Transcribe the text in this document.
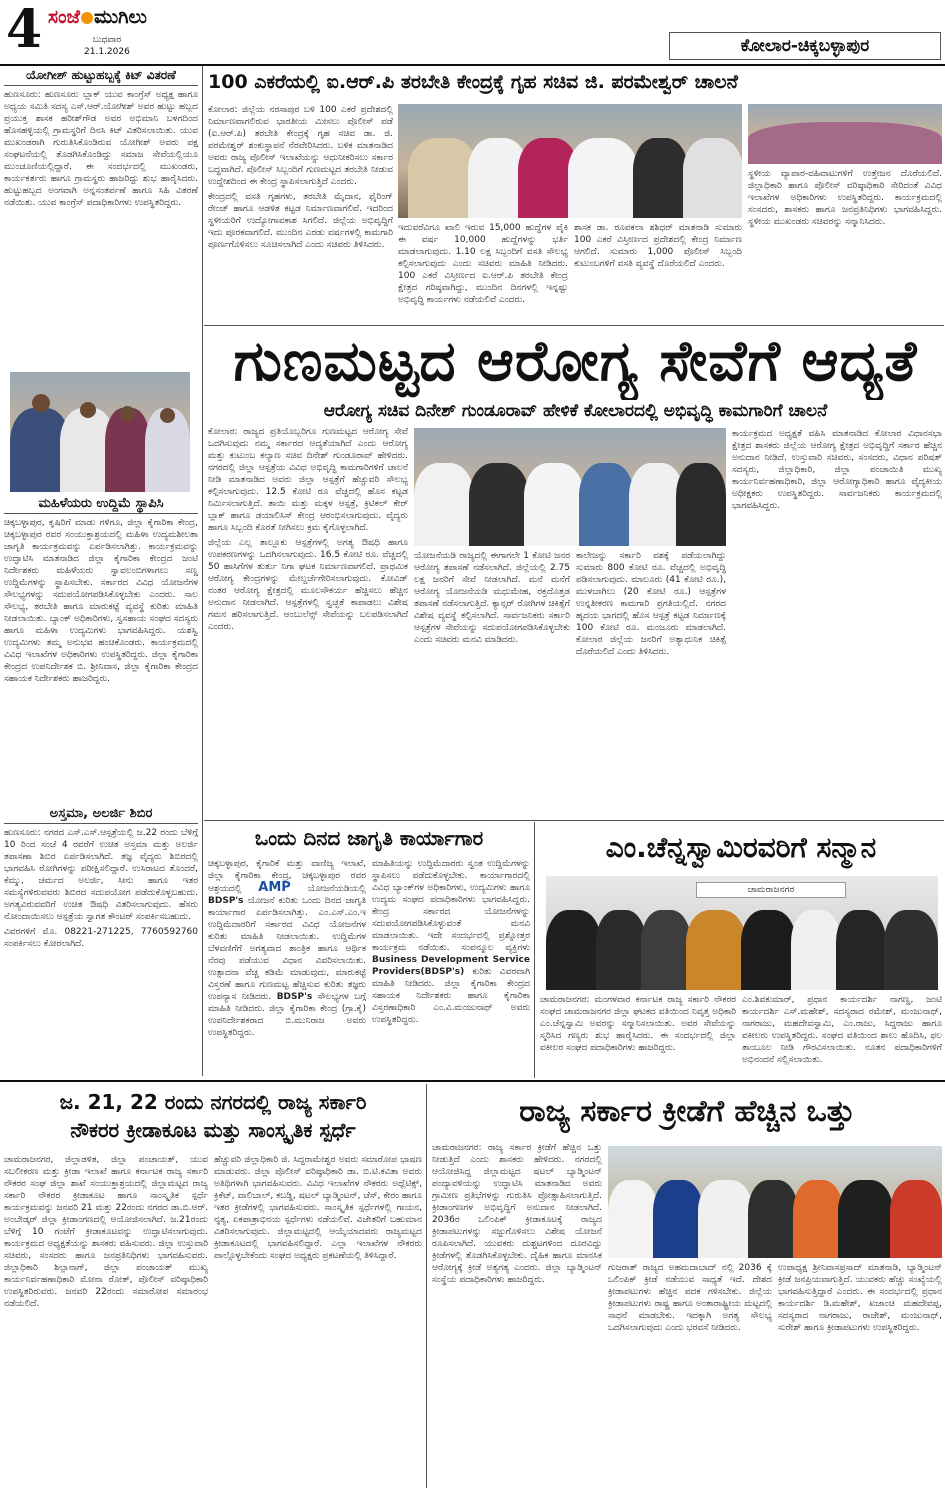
4 ಸಂಜೆ ಮುಗಿಲು
ಬುಧವಾರ
21.1.2026	ಕೋಲಾರ-ಚಿಕ್ಕಬಳ್ಳಾಪುರ
ಯೋಗೀಶ್ ಹುಟ್ಟುಹಬ್ಬಕ್ಕೆ ಕಿಟ್ ವಿತರಣೆ
ಹುಣಸೂರು: ಹುಣಸೂರು ಬ್ಲಾಕ್ ಯುವ ಕಾಂಗ್ರೆಸ್ ಅಧ್ಯಕ್ಷ ಹಾಗೂ ಅಧ್ಯಯ ಸಮಿತಿ ಸದಸ್ಯ ಎಸ್.ಆರ್.ಯೋಗೀಶ್ ಅವರ ಹುಟ್ಟು ಹಬ್ಬದ ಪ್ರಯುಕ್ತ ಶಾಸಕ ಹರೀಶ್‌ಗೌಡ ಅವರ ಅಭಿಮಾನಿ ಬಳಗದಿಂದ ಹೊಸಹಳ್ಳಿಯಲ್ಲಿ ಗ್ರಾಮಸ್ಥರಿಗೆ ದಿನಸಿ ಕಿಟ್ ವಿತರಿಸಲಾಯಿತು. ಯುವ ಮುಖಂಡರಾಗಿ ಗುರುತಿಸಿಕೊಂಡಿರುವ ಯೋಗೀಶ್ ಅವರು ಪಕ್ಷ ಸಂಘಟನೆಯಲ್ಲಿ ತೊಡಗಿಸಿಕೊಂಡಿದ್ದು ಸಮಾಜ ಸೇವೆಯಲ್ಲಿಯೂ ಮುಂಚೂಣಿಯಲ್ಲಿದ್ದಾರೆ. ಈ ಸಂದರ್ಭದಲ್ಲಿ ಮುಖಂಡರು, ಕಾರ್ಯಕರ್ತರು ಹಾಗೂ ಗ್ರಾಮಸ್ಥರು ಹಾಜರಿದ್ದು ಶುಭ ಹಾರೈಸಿದರು. ಹುಟ್ಟುಹಬ್ಬದ ಅಂಗವಾಗಿ ಅನ್ನಸಂತರ್ಪಣೆ ಹಾಗೂ ಸಿಹಿ ವಿತರಣೆ ನಡೆಯಿತು. ಯುವ ಕಾಂಗ್ರೆಸ್ ಪದಾಧಿಕಾರಿಗಳು ಉಪಸ್ಥಿತರಿದ್ದರು.
ಮಹಿಳೆಯರು ಉದ್ದಿಮೆ ಸ್ಥಾಪಿಸಿ
ಚಿಕ್ಕಬಳ್ಳಾಪುರ, ಕೃಷಿರಿಗೆ ಮಾಡು ಗಳಿಗೂ, ಜಿಲ್ಲಾ ಕೈಗಾರಿಕಾ ಕೇಂದ್ರ, ಚಿಕ್ಕಬಳ್ಳಾಪುರ ರವರ ಸಂಯುಕ್ತಾಶ್ರಯದಲ್ಲಿ ಮಹಿಳಾ ಉದ್ಯಮಶೀಲತಾ ಜಾಗೃತಿ ಕಾರ್ಯಕ್ರಮವನ್ನು ಏರ್ಪಡಿಸಲಾಗಿತ್ತು. ಕಾರ್ಯಕ್ರಮವನ್ನು ಉದ್ಘಾಟಿಸಿ ಮಾತನಾಡಿದ ಜಿಲ್ಲಾ ಕೈಗಾರಿಕಾ ಕೇಂದ್ರದ ಜಂಟಿ ನಿರ್ದೇಶಕರು ಮಹಿಳೆಯರು ಸ್ವಾವಲಂಬಿಗಳಾಗಲು ಸಣ್ಣ ಉದ್ದಿಮೆಗಳನ್ನು ಸ್ಥಾಪಿಸಬೇಕು. ಸರ್ಕಾರದ ವಿವಿಧ ಯೋಜನೆಗಳ ಸೌಲಭ್ಯಗಳನ್ನು ಸದುಪಯೋಗಪಡಿಸಿಕೊಳ್ಳಬೇಕು ಎಂದರು. ಸಾಲ ಸೌಲಭ್ಯ, ತರಬೇತಿ ಹಾಗೂ ಮಾರುಕಟ್ಟೆ ವ್ಯವಸ್ಥೆ ಕುರಿತು ಮಾಹಿತಿ ನೀಡಲಾಯಿತು. ಬ್ಯಾಂಕ್ ಅಧಿಕಾರಿಗಳು, ಸ್ವಸಹಾಯ ಸಂಘದ ಸದಸ್ಯರು ಹಾಗೂ ಮಹಿಳಾ ಉದ್ಯಮಿಗಳು ಭಾಗವಹಿಸಿದ್ದರು. ಯಶಸ್ವಿ ಉದ್ಯಮಿಗಳು ತಮ್ಮ ಅನುಭವ ಹಂಚಿಕೊಂಡರು. ಕಾರ್ಯಕ್ರಮದಲ್ಲಿ ವಿವಿಧ ಇಲಾಖೆಗಳ ಅಧಿಕಾರಿಗಳು ಉಪಸ್ಥಿತರಿದ್ದರು. ಜಿಲ್ಲಾ ಕೈಗಾರಿಕಾ ಕೇಂದ್ರದ ಉಪನಿರ್ದೇಶಕ ಬಿ. ಶ್ರೀನಿವಾಸ, ಜಿಲ್ಲಾ ಕೈಗಾರಿಕಾ ಕೇಂದ್ರದ ಸಹಾಯಕ ನಿರ್ದೇಶಕರು ಹಾಜರಿದ್ದರು.
ಅಸ್ತಮಾ, ಅಲರ್ಜಿ ಶಿಬಿರ
ಹುಣಸೂರು: ನಗರದ ಎಸ್.ಎಸ್.ಆಸ್ಪತ್ರೆಯಲ್ಲಿ ಜ.22 ರಂದು ಬೆಳಿಗ್ಗೆ 10 ರಿಂದ ಸಂಜೆ 4 ರವರೆಗೆ ಉಚಿತ ಅಸ್ತಮಾ ಮತ್ತು ಅಲರ್ಜಿ ತಪಾಸಣಾ ಶಿಬಿರ ಏರ್ಪಡಿಸಲಾಗಿದೆ. ತಜ್ಞ ವೈದ್ಯರು ಶಿಬಿರದಲ್ಲಿ ಭಾಗವಹಿಸಿ ರೋಗಿಗಳನ್ನು ಪರೀಕ್ಷಿಸಲಿದ್ದಾರೆ. ಉಸಿರಾಟದ ತೊಂದರೆ, ಕೆಮ್ಮು, ಚರ್ಮದ ಅಲರ್ಜಿ, ಸೀನು ಹಾಗೂ ಇತರ ಸಮಸ್ಯೆಗಳಿರುವವರು ಶಿಬಿರದ ಸದುಪಯೋಗ ಪಡೆದುಕೊಳ್ಳಬಹುದು. ಅಗತ್ಯವಿರುವವರಿಗೆ ಉಚಿತ ಔಷಧಿ ವಿತರಿಸಲಾಗುವುದು. ಹೆಸರು ನೋಂದಾಯಿಸಲು ಆಸ್ಪತ್ರೆಯ ಸ್ವಾಗತ ಕೌಂಟರ್ ಸಂಪರ್ಕಿಸಬಹುದು.
ವಿವರಗಳಿಗೆ ಮೊ. 08221-271225, 7760592760 ಸಂಪರ್ಕಿಸಲು ಕೋರಲಾಗಿದೆ.
100 ಎಕರೆಯಲ್ಲಿ ಐ.ಆರ್.ಪಿ ತರಬೇತಿ ಕೇಂದ್ರಕ್ಕೆ ಗೃಹ ಸಚಿವ ಜಿ. ಪರಮೇಶ್ವರ್ ಚಾಲನೆ
ಕೋಲಾರ: ಜಿಲ್ಲೆಯ ನರಸಾಪುರ ಬಳಿ 100 ಎಕರೆ ಪ್ರದೇಶದಲ್ಲಿ ನಿರ್ಮಾಣವಾಗಲಿರುವ ಭಾರತೀಯ ಮೀಸಲು ಪೊಲೀಸ್ ಪಡೆ (ಐ.ಆರ್.ಪಿ) ತರಬೇತಿ ಕೇಂದ್ರಕ್ಕೆ ಗೃಹ ಸಚಿವ ಡಾ. ಜಿ. ಪರಮೇಶ್ವರ್ ಶಂಕುಸ್ಥಾಪನೆ ನೆರವೇರಿಸಿದರು. ಬಳಿಕ ಮಾತನಾಡಿದ ಅವರು ರಾಜ್ಯ ಪೊಲೀಸ್ ಇಲಾಖೆಯನ್ನು ಆಧುನೀಕರಿಸಲು ಸರ್ಕಾರ ಬದ್ಧವಾಗಿದೆ. ಪೊಲೀಸ್ ಸಿಬ್ಬಂದಿಗೆ ಗುಣಮಟ್ಟದ ತರಬೇತಿ ನೀಡುವ ಉದ್ದೇಶದಿಂದ ಈ ಕೇಂದ್ರ ಸ್ಥಾಪಿಸಲಾಗುತ್ತಿದೆ ಎಂದರು.
ಕೇಂದ್ರದಲ್ಲಿ ವಸತಿ ಗೃಹಗಳು, ತರಬೇತಿ ಮೈದಾನ, ಫೈರಿಂಗ್ ರೇಂಜ್ ಹಾಗೂ ಆಡಳಿತ ಕಟ್ಟಡ ನಿರ್ಮಾಣವಾಗಲಿವೆ. ಇದರಿಂದ ಸ್ಥಳೀಯರಿಗೆ ಉದ್ಯೋಗಾವಕಾಶ ಸಿಗಲಿದೆ. ಜಿಲ್ಲೆಯ ಅಭಿವೃದ್ಧಿಗೆ ಇದು ಪೂರಕವಾಗಲಿದೆ. ಮುಂದಿನ ಎರಡು ವರ್ಷಗಳಲ್ಲಿ ಕಾಮಗಾರಿ ಪೂರ್ಣಗೊಳಿಸಲು ಸೂಚಿಸಲಾಗಿದೆ ಎಂದು ಸಚಿವರು ತಿಳಿಸಿದರು.
ಇದುವರೆವಿಗೂ ಖಾಲಿ ಇರುವ 15,000 ಹುದ್ದೆಗಳ ಪೈಕಿ ಈ ವರ್ಷ 10,000 ಹುದ್ದೆಗಳನ್ನು ಭರ್ತಿ ಮಾಡಲಾಗುವುದು. 1.10 ಲಕ್ಷ ಸಿಬ್ಬಂದಿಗೆ ವಸತಿ ಸೌಲಭ್ಯ ಕಲ್ಪಿಸಲಾಗುವುದು ಎಂದು ಸಚಿವರು ಮಾಹಿತಿ ನೀಡಿದರು. 100 ಎಕರೆ ವಿಸ್ತೀರ್ಣದ ಐ.ಆರ್.ಪಿ ತರಬೇತಿ ಕೇಂದ್ರ ಕ್ಷೇತ್ರದ ಗರಿಷ್ಠವಾಗಿದ್ದು, ಮುಂದಿನ ದಿನಗಳಲ್ಲಿ ಇನ್ನಷ್ಟು ಅಭಿವೃದ್ಧಿ ಕಾರ್ಯಗಳು ನಡೆಯಲಿವೆ ಎಂದರು.
ಶಾಸಕ ಡಾ. ರೂಪಕಲಾ ಶಶಿಧರ್ ಮಾತನಾಡಿ ಸುಮಾರು 100 ಎಕರೆ ವಿಸ್ತೀರ್ಣದ ಪ್ರದೇಶದಲ್ಲಿ ಕೇಂದ್ರ ನಿರ್ಮಾಣ ಆಗಲಿದೆ. ಸುಮಾರು 1,000 ಪೊಲೀಸ್ ಸಿಬ್ಬಂದಿ ಕುಟುಂಬಗಳಿಗೆ ವಸತಿ ವ್ಯವಸ್ಥೆ ದೊರೆಯಲಿದೆ ಎಂದರು.
ಸ್ಥಳೀಯ ವ್ಯಾಪಾರ-ವಹಿವಾಟುಗಳಿಗೆ ಉತ್ತೇಜನ ದೊರೆಯಲಿದೆ. ಜಿಲ್ಲಾಧಿಕಾರಿ ಹಾಗೂ ಪೊಲೀಸ್ ವರಿಷ್ಠಾಧಿಕಾರಿ ಸೇರಿದಂತೆ ವಿವಿಧ ಇಲಾಖೆಗಳ ಅಧಿಕಾರಿಗಳು ಉಪಸ್ಥಿತರಿದ್ದರು. ಕಾರ್ಯಕ್ರಮದಲ್ಲಿ ಸಂಸದರು, ಶಾಸಕರು ಹಾಗೂ ಜನಪ್ರತಿನಿಧಿಗಳು ಭಾಗವಹಿಸಿದ್ದರು. ಸ್ಥಳೀಯ ಮುಖಂಡರು ಸಚಿವರನ್ನು ಸನ್ಮಾನಿಸಿದರು.
ಗುಣಮಟ್ಟದ ಆರೋಗ್ಯ ಸೇವೆಗೆ ಆದ್ಯತೆ
ಆರೋಗ್ಯ ಸಚಿವ ದಿನೇಶ್ ಗುಂಡೂರಾವ್ ಹೇಳಿಕೆ ಕೋಲಾರದಲ್ಲಿ ಅಭಿವೃದ್ಧಿ ಕಾಮಗಾರಿಗೆ ಚಾಲನೆ
ಕೋಲಾರ: ರಾಜ್ಯದ ಪ್ರತಿಯೊಬ್ಬರಿಗೂ ಗುಣಮಟ್ಟದ ಆರೋಗ್ಯ ಸೇವೆ ಒದಗಿಸುವುದು ನಮ್ಮ ಸರ್ಕಾರದ ಆದ್ಯತೆಯಾಗಿದೆ ಎಂದು ಆರೋಗ್ಯ ಮತ್ತು ಕುಟುಂಬ ಕಲ್ಯಾಣ ಸಚಿವ ದಿನೇಶ್ ಗುಂಡೂರಾವ್ ಹೇಳಿದರು. ನಗರದಲ್ಲಿ ಜಿಲ್ಲಾ ಆಸ್ಪತ್ರೆಯ ವಿವಿಧ ಅಭಿವೃದ್ಧಿ ಕಾಮಗಾರಿಗಳಿಗೆ ಚಾಲನೆ ನೀಡಿ ಮಾತನಾಡಿದ ಅವರು ಜಿಲ್ಲಾ ಆಸ್ಪತ್ರೆಗೆ ಹೆಚ್ಚುವರಿ ಸೌಲಭ್ಯ ಕಲ್ಪಿಸಲಾಗುವುದು. 12.5 ಕೋಟಿ ರೂ ವೆಚ್ಚದಲ್ಲಿ ಹೊಸ ಕಟ್ಟಡ ನಿರ್ಮಿಸಲಾಗುತ್ತಿದೆ. ತಾಯಿ ಮತ್ತು ಮಕ್ಕಳ ಆಸ್ಪತ್ರೆ, ಕ್ರಿಟಿಕಲ್ ಕೇರ್ ಬ್ಲಾಕ್ ಹಾಗೂ ಡಯಾಲಿಸಿಸ್ ಕೇಂದ್ರ ಆರಂಭಿಸಲಾಗುವುದು. ವೈದ್ಯರು ಹಾಗೂ ಸಿಬ್ಬಂದಿ ಕೊರತೆ ನೀಗಿಸಲು ಕ್ರಮ ಕೈಗೊಳ್ಳಲಾಗಿದೆ.
ಜಿಲ್ಲೆಯ ಎಲ್ಲ ತಾಲ್ಲೂಕು ಆಸ್ಪತ್ರೆಗಳಲ್ಲಿ ಅಗತ್ಯ ಔಷಧಿ ಹಾಗೂ ಉಪಕರಣಗಳನ್ನು ಒದಗಿಸಲಾಗುವುದು. 16.5 ಕೋಟಿ ರೂ. ವೆಚ್ಚದಲ್ಲಿ 50 ಹಾಸಿಗೆಗಳ ತುರ್ತು ನಿಗಾ ಘಟಕ ನಿರ್ಮಾಣವಾಗಲಿದೆ. ಪ್ರಾಥಮಿಕ ಆರೋಗ್ಯ ಕೇಂದ್ರಗಳನ್ನು ಮೇಲ್ದರ್ಜೆಗೇರಿಸಲಾಗುವುದು. ಕೋವಿಡ್ ನಂತರ ಆರೋಗ್ಯ ಕ್ಷೇತ್ರದಲ್ಲಿ ಮೂಲಸೌಕರ್ಯ ಹೆಚ್ಚಿಸಲು ಹೆಚ್ಚಿನ ಅನುದಾನ ನೀಡಲಾಗಿದೆ. ಆಸ್ಪತ್ರೆಗಳಲ್ಲಿ ಸ್ವಚ್ಛತೆ ಕಾಪಾಡಲು ವಿಶೇಷ ಗಮನ ಹರಿಸಲಾಗುತ್ತಿದೆ. ಆಂಬುಲೆನ್ಸ್ ಸೇವೆಯನ್ನು ಬಲಪಡಿಸಲಾಗಿದೆ ಎಂದರು.
ಯೋಜನೆಯಡಿ ರಾಜ್ಯದಲ್ಲಿ ಈಗಾಗಲೇ 1 ಕೋಟಿ ಜನರ ಆರೋಗ್ಯ ತಪಾಸಣೆ ನಡೆಸಲಾಗಿದೆ. ಜಿಲ್ಲೆಯಲ್ಲಿ 2.75 ಲಕ್ಷ ಜನರಿಗೆ ಸೇವೆ ನೀಡಲಾಗಿದೆ. ಮನೆ ಮನೆಗೆ ಆರೋಗ್ಯ ಯೋಜನೆಯಡಿ ಮಧುಮೇಹ, ರಕ್ತದೊತ್ತಡ ತಪಾಸಣೆ ನಡೆಸಲಾಗುತ್ತಿದೆ. ಕ್ಯಾನ್ಸರ್ ರೋಗಿಗಳ ಚಿಕಿತ್ಸೆಗೆ ವಿಶೇಷ ವ್ಯವಸ್ಥೆ ಕಲ್ಪಿಸಲಾಗಿದೆ. ಸಾರ್ವಜನಿಕರು ಸರ್ಕಾರಿ ಆಸ್ಪತ್ರೆಗಳ ಸೇವೆಯನ್ನು ಸದುಪಯೋಗಪಡಿಸಿಕೊಳ್ಳಬೇಕು ಎಂದು ಸಚಿವರು ಮನವಿ ಮಾಡಿದರು.
ಕಾಲೇಜನ್ನು ಸರ್ಕಾರಿ ವಶಕ್ಕೆ ಪಡೆಯಲಾಗಿದ್ದು ಸುಮಾರು 800 ಕೋಟಿ ರೂ. ವೆಚ್ಚದಲ್ಲಿ ಅಭಿವೃದ್ಧಿ ಪಡಿಸಲಾಗುವುದು. ಮಾಲೂರು (41 ಕೋಟಿ ರೂ.), ಮುಳಬಾಗಿಲು (20 ಕೋಟಿ ರೂ.) ಆಸ್ಪತ್ರೆಗಳ ಉನ್ನತೀಕರಣ ಕಾಮಗಾರಿ ಪ್ರಗತಿಯಲ್ಲಿದೆ. ನಗರದ ಹೃದಯ ಭಾಗದಲ್ಲಿ ಹೊಸ ಆಸ್ಪತ್ರೆ ಕಟ್ಟಡ ನಿರ್ಮಾಣಕ್ಕೆ 100 ಕೋಟಿ ರೂ. ಮಂಜೂರು ಮಾಡಲಾಗಿದೆ. ಕೋಲಾರ ಜಿಲ್ಲೆಯ ಜನರಿಗೆ ಅತ್ಯಾಧುನಿಕ ಚಿಕಿತ್ಸೆ ದೊರೆಯಲಿದೆ ಎಂದು ತಿಳಿಸಿದರು.
ಕಾರ್ಯಕ್ರಮದ ಅಧ್ಯಕ್ಷತೆ ವಹಿಸಿ ಮಾತನಾಡಿದ ಕೋಲಾರ ವಿಧಾನಸಭಾ ಕ್ಷೇತ್ರದ ಶಾಸಕರು ಜಿಲ್ಲೆಯ ಆರೋಗ್ಯ ಕ್ಷೇತ್ರದ ಅಭಿವೃದ್ಧಿಗೆ ಸರ್ಕಾರ ಹೆಚ್ಚಿನ ಅನುದಾನ ನೀಡಿದೆ. ಉಸ್ತುವಾರಿ ಸಚಿವರು, ಸಂಸದರು, ವಿಧಾನ ಪರಿಷತ್ ಸದಸ್ಯರು, ಜಿಲ್ಲಾಧಿಕಾರಿ, ಜಿಲ್ಲಾ ಪಂಚಾಯಿತಿ ಮುಖ್ಯ ಕಾರ್ಯನಿರ್ವಹಣಾಧಿಕಾರಿ, ಜಿಲ್ಲಾ ಆರೋಗ್ಯಾಧಿಕಾರಿ ಹಾಗೂ ವೈದ್ಯಕೀಯ ಅಧೀಕ್ಷಕರು ಉಪಸ್ಥಿತರಿದ್ದರು. ಸಾರ್ವಜನಿಕರು ಕಾರ್ಯಕ್ರಮದಲ್ಲಿ ಭಾಗವಹಿಸಿದ್ದರು.
ಒಂದು ದಿನದ ಜಾಗೃತಿ ಕಾರ್ಯಾಗಾರ
ಚಿಕ್ಕಬಳ್ಳಾಪುರ, ಕೈಗಾರಿಕೆ ಮತ್ತು ವಾಣಿಜ್ಯ ಇಲಾಖೆ, ಜಿಲ್ಲಾ ಕೈಗಾರಿಕಾ ಕೇಂದ್ರ, ಚಿಕ್ಕಬಳ್ಳಾಪುರ ರವರ ಆಶ್ರಯದಲ್ಲಿ AMP ಯೋಜನೆಯಡಿಯಲ್ಲಿ BDSP's ಯೋಜನೆ ಕುರಿತು ಒಂದು ದಿನದ ಜಾಗೃತಿ ಕಾರ್ಯಾಗಾರ ಏರ್ಪಡಿಸಲಾಗಿತ್ತು. ಎಂ.ಎಸ್.ಎಂ.ಇ ಉದ್ದಿಮೆದಾರರಿಗೆ ಸರ್ಕಾರದ ವಿವಿಧ ಯೋಜನೆಗಳ ಕುರಿತು ಮಾಹಿತಿ ನೀಡಲಾಯಿತು. ಉದ್ದಿಮೆಗಳ ಬೆಳವಣಿಗೆಗೆ ಅಗತ್ಯವಾದ ತಾಂತ್ರಿಕ ಹಾಗೂ ಆರ್ಥಿಕ ನೆರವು ಪಡೆಯುವ ವಿಧಾನ ವಿವರಿಸಲಾಯಿತು. ಉತ್ಪಾದನಾ ವೆಚ್ಚ ಕಡಿಮೆ ಮಾಡುವುದು, ಮಾರುಕಟ್ಟೆ ವಿಸ್ತರಣೆ ಹಾಗೂ ಗುಣಮಟ್ಟ ಹೆಚ್ಚಿಸುವ ಕುರಿತು ತಜ್ಞರು ಉಪನ್ಯಾಸ ನೀಡಿದರು. BDSP's ಸೌಲಭ್ಯಗಳ ಬಗ್ಗೆ ಮಾಹಿತಿ ನೀಡಿದರು. ಜಿಲ್ಲಾ ಕೈಗಾರಿಕಾ ಕೇಂದ್ರ (ಗ್ರಾ.ಕೈ) ಉಪನಿರ್ದೇಶಕರಾದ ಬಿ.ಮುನಿರಾಜ ಅವರು ಉಪಸ್ಥಿತರಿದ್ದರು.
ಮಾಹಿತಿಯನ್ನು ಉದ್ದಿಮೆದಾರರು ಸ್ವಂತ ಉದ್ದಿಮೆಗಳನ್ನು ಸ್ಥಾಪಿಸಲು ಪಡೆದುಕೊಳ್ಳಬೇಕು. ಕಾರ್ಯಾಗಾರದಲ್ಲಿ ವಿವಿಧ ಬ್ಯಾಂಕ್‌ಗಳ ಅಧಿಕಾರಿಗಳು, ಉದ್ಯಮಿಗಳು ಹಾಗೂ ಉದ್ಯಮ ಸಂಘದ ಪದಾಧಿಕಾರಿಗಳು ಭಾಗವಹಿಸಿದ್ದರು. ಕೇಂದ್ರ ಸರ್ಕಾರದ ಯೋಜನೆಗಳನ್ನು ಸದುಪಯೋಗಪಡಿಸಿಕೊಳ್ಳುವಂತೆ ಮನವಿ ಮಾಡಲಾಯಿತು. ಇದೇ ಸಂದರ್ಭದಲ್ಲಿ ಪ್ರಶ್ನೋತ್ತರ ಕಾರ್ಯಕ್ರಮ ನಡೆಯಿತು. ಸಂಪನ್ಮೂಲ ವ್ಯಕ್ತಿಗಳು Business Development Service Providers(BDSP's) ಕುರಿತು ವಿವರವಾಗಿ ಮಾಹಿತಿ ನೀಡಿದರು. ಜಿಲ್ಲಾ ಕೈಗಾರಿಕಾ ಕೇಂದ್ರದ ಸಹಾಯಕ ನಿರ್ದೇಶಕರು ಹಾಗೂ ಕೈಗಾರಿಕಾ ವಿಸ್ತರಣಾಧಿಕಾರಿ ಎಂ.ವಿ.ಮಂಜುನಾಥ್ ಅವರು ಉಪಸ್ಥಿತರಿದ್ದರು.
ಎಂ.ಚೆನ್ನಸ್ವಾಮಿರವರಿಗೆ ಸನ್ಮಾನ
ಚಾಮರಾಜನಗರ
ಚಾಮರಾಜನಗರ: ಮಂಗಳವಾರ ಕರ್ನಾಟಕ ರಾಜ್ಯ ಸರ್ಕಾರಿ ನೌಕರರ ಸಂಘದ ಚಾಮರಾಜನಗರ ಜಿಲ್ಲಾ ಘಟಕದ ವತಿಯಿಂದ ನಿವೃತ್ತ ಅಧಿಕಾರಿ ಎಂ.ಚೆನ್ನಸ್ವಾಮಿ ಅವರನ್ನು ಸನ್ಮಾನಿಸಲಾಯಿತು. ಅವರ ಸೇವೆಯನ್ನು ಸ್ಮರಿಸಿದ ಗಣ್ಯರು ಶುಭ ಹಾರೈಸಿದರು. ಈ ಸಂದರ್ಭದಲ್ಲಿ ಜಿಲ್ಲಾ ವಕೀಲರ ಸಂಘದ ಪದಾಧಿಕಾರಿಗಳು ಹಾಜರಿದ್ದರು.
ಎಂ.ಶಿವಕುಮಾರ್, ಪ್ರಧಾನ ಕಾರ್ಯದರ್ಶಿ ನಾಗಣ್ಣ, ಜಂಟಿ ಕಾರ್ಯದರ್ಶಿ ಎಸ್.ಮಹೇಶ್, ಸದಸ್ಯರಾದ ರಮೇಶ್, ಮಂಜುನಾಥ್, ನಾಗರಾಜು, ಮಹದೇವಸ್ವಾಮಿ, ಎಂ.ರಾಜು, ಸಿದ್ದರಾಜು ಹಾಗೂ ವಕೀಲರು ಉಪಸ್ಥಿತರಿದ್ದರು. ಸಂಘದ ವತಿಯಿಂದ ಶಾಲು ಹೊದಿಸಿ, ಫಲ ತಾಂಬೂಲ ನೀಡಿ ಗೌರವಿಸಲಾಯಿತು. ನೂತನ ಪದಾಧಿಕಾರಿಗಳಿಗೆ ಅಭಿನಂದನೆ ಸಲ್ಲಿಸಲಾಯಿತು.
ಜ. 21, 22 ರಂದು ನಗರದಲ್ಲಿ ರಾಜ್ಯ ಸರ್ಕಾರಿ
ನೌಕರರ ಕ್ರೀಡಾಕೂಟ ಮತ್ತು ಸಾಂಸ್ಕೃತಿಕ ಸ್ಪರ್ಧೆ
ಚಾಮರಾಜನಗರ, ಜಿಲ್ಲಾಡಳಿತ, ಜಿಲ್ಲಾ ಪಂಚಾಯತ್, ಯುವ ಸಬಲೀಕರಣ ಮತ್ತು ಕ್ರೀಡಾ ಇಲಾಖೆ ಹಾಗೂ ಕರ್ನಾಟಕ ರಾಜ್ಯ ಸರ್ಕಾರಿ ನೌಕರರ ಸಂಘ ಜಿಲ್ಲಾ ಶಾಖೆ ಸಂಯುಕ್ತಾಶ್ರಯದಲ್ಲಿ ಜಿಲ್ಲಾಮಟ್ಟದ ರಾಜ್ಯ ಸರ್ಕಾರಿ ನೌಕರರ ಕ್ರೀಡಾಕೂಟ ಹಾಗೂ ಸಾಂಸ್ಕೃತಿಕ ಸ್ಪರ್ಧೆ ಕಾರ್ಯಕ್ರಮವನ್ನು ಜನವರಿ 21 ಮತ್ತು 22ರಂದು ನಗರದ ಡಾ.ಬಿ.ಆರ್. ಅಂಬೇಡ್ಕರ್ ಜಿಲ್ಲಾ ಕ್ರೀಡಾಂಗಣದಲ್ಲಿ ಆಯೋಜಿಸಲಾಗಿದೆ. ಜ.21ರಂದು ಬೆಳಿಗ್ಗೆ 10 ಗಂಟೆಗೆ ಕ್ರೀಡಾಕೂಟವನ್ನು ಉದ್ಘಾಟಿಸಲಾಗುವುದು. ಕಾರ್ಯಕ್ರಮದ ಅಧ್ಯಕ್ಷತೆಯನ್ನು ಶಾಸಕರು ವಹಿಸುವರು. ಜಿಲ್ಲಾ ಉಸ್ತುವಾರಿ ಸಚಿವರು, ಸಂಸದರು ಹಾಗೂ ಜನಪ್ರತಿನಿಧಿಗಳು ಭಾಗವಹಿಸುವರು. ಜಿಲ್ಲಾಧಿಕಾರಿ ಶಿಲ್ಪಾನಾಗ್, ಜಿಲ್ಲಾ ಪಂಚಾಯತ್ ಮುಖ್ಯ ಕಾರ್ಯನಿರ್ವಹಣಾಧಿಕಾರಿ ಮೋನಾ ರೋತ್, ಪೊಲೀಸ್ ವರಿಷ್ಠಾಧಿಕಾರಿ ಉಪಸ್ಥಿತರಿರುವರು. ಜನವರಿ 22ರಂದು ಸಮಾರೋಪ ಸಮಾರಂಭ ನಡೆಯಲಿದೆ.
ಹೆಚ್ಚುವರಿ ಜಿಲ್ಲಾಧಿಕಾರಿ ಜಿ. ಸಿದ್ದರಾಮೇಶ್ವರ ಅವರು ಸಮಾರೋಪ ಭಾಷಣ ಮಾಡುವರು. ಜಿಲ್ಲಾ ಪೊಲೀಸ್ ವರಿಷ್ಠಾಧಿಕಾರಿ ಡಾ. ಬಿ.ಟಿ.ಕವಿತಾ ಅವರು ಅತಿಥಿಗಳಾಗಿ ಭಾಗವಹಿಸುವರು. ವಿವಿಧ ಇಲಾಖೆಗಳ ನೌಕರರು ಅಥ್ಲೆಟಿಕ್ಸ್, ಕ್ರಿಕೆಟ್, ವಾಲಿಬಾಲ್, ಕಬಡ್ಡಿ, ಷಟಲ್ ಬ್ಯಾಡ್ಮಿಂಟನ್, ಚೆಸ್, ಕೇರಂ ಹಾಗೂ ಇತರ ಕ್ರೀಡೆಗಳಲ್ಲಿ ಭಾಗವಹಿಸುವರು. ಸಾಂಸ್ಕೃತಿಕ ಸ್ಪರ್ಧೆಗಳಲ್ಲಿ ಗಾಯನ, ನೃತ್ಯ, ಏಕಪಾತ್ರಾಭಿನಯ ಸ್ಪರ್ಧೆಗಳು ನಡೆಯಲಿವೆ. ವಿಜೇತರಿಗೆ ಬಹುಮಾನ ವಿತರಿಸಲಾಗುವುದು. ಜಿಲ್ಲಾಮಟ್ಟದಲ್ಲಿ ಆಯ್ಕೆಯಾದವರು ರಾಜ್ಯಮಟ್ಟದ ಕ್ರೀಡಾಕೂಟದಲ್ಲಿ ಭಾಗವಹಿಸಲಿದ್ದಾರೆ. ಎಲ್ಲಾ ಇಲಾಖೆಗಳ ನೌಕರರು ಪಾಲ್ಗೊಳ್ಳಬೇಕೆಂದು ಸಂಘದ ಅಧ್ಯಕ್ಷರು ಪ್ರಕಟಣೆಯಲ್ಲಿ ತಿಳಿಸಿದ್ದಾರೆ.
ರಾಜ್ಯ ಸರ್ಕಾರ ಕ್ರೀಡೆಗೆ ಹೆಚ್ಚಿನ ಒತ್ತು
ಚಾಮರಾಜನಗರ: ರಾಜ್ಯ ಸರ್ಕಾರ ಕ್ರೀಡೆಗೆ ಹೆಚ್ಚಿನ ಒತ್ತು ನೀಡುತ್ತಿದೆ ಎಂದು ಶಾಸಕರು ಹೇಳಿದರು. ನಗರದಲ್ಲಿ ಆಯೋಜಿಸಿದ್ದ ಜಿಲ್ಲಾಮಟ್ಟದ ಷಟಲ್ ಬ್ಯಾಡ್ಮಿಂಟನ್ ಪಂದ್ಯಾವಳಿಯನ್ನು ಉದ್ಘಾಟಿಸಿ ಮಾತನಾಡಿದ ಅವರು ಗ್ರಾಮೀಣ ಪ್ರತಿಭೆಗಳನ್ನು ಗುರುತಿಸಿ ಪ್ರೋತ್ಸಾಹಿಸಲಾಗುತ್ತಿದೆ. ಕ್ರೀಡಾಂಗಣಗಳ ಅಭಿವೃದ್ಧಿಗೆ ಅನುದಾನ ನೀಡಲಾಗಿದೆ. 2036ರ ಒಲಿಂಪಿಕ್ ಕ್ರೀಡಾಕೂಟಕ್ಕೆ ರಾಜ್ಯದ ಕ್ರೀಡಾಪಟುಗಳನ್ನು ಸಜ್ಜುಗೊಳಿಸಲು ವಿಶೇಷ ಯೋಜನೆ ರೂಪಿಸಲಾಗಿದೆ. ಯುವಕರು ದುಶ್ಚಟಗಳಿಂದ ದೂರವಿದ್ದು ಕ್ರೀಡೆಗಳಲ್ಲಿ ತೊಡಗಿಸಿಕೊಳ್ಳಬೇಕು. ದೈಹಿಕ ಹಾಗೂ ಮಾನಸಿಕ ಆರೋಗ್ಯಕ್ಕೆ ಕ್ರೀಡೆ ಅತ್ಯಗತ್ಯ ಎಂದರು. ಜಿಲ್ಲಾ ಬ್ಯಾಡ್ಮಿಂಟನ್ ಸಂಸ್ಥೆಯ ಪದಾಧಿಕಾರಿಗಳು ಹಾಜರಿದ್ದರು.
ಗುಜರಾತ್ ರಾಜ್ಯದ ಅಹಮದಾಬಾದ್ ನಲ್ಲಿ 2036 ಕ್ಕೆ ಒಲಿಂಪಿಕ್ ಕ್ರೀಡೆ ನಡೆಯುವ ಸಾಧ್ಯತೆ ಇದೆ. ದೇಶದ ಕ್ರೀಡಾಪಟುಗಳು ಹೆಚ್ಚಿನ ಪದಕ ಗಳಿಸಬೇಕು. ಜಿಲ್ಲೆಯ ಕ್ರೀಡಾಪಟುಗಳು ರಾಷ್ಟ್ರ ಹಾಗೂ ಅಂತಾರಾಷ್ಟ್ರೀಯ ಮಟ್ಟದಲ್ಲಿ ಸಾಧನೆ ಮಾಡಬೇಕು. ಇದಕ್ಕಾಗಿ ಅಗತ್ಯ ಸೌಲಭ್ಯ ಒದಗಿಸಲಾಗುವುದು ಎಂದು ಭರವಸೆ ನೀಡಿದರು.
ಉಪಾಧ್ಯಕ್ಷ ಶ್ರೀನಿವಾಸಪ್ರಸಾದ್ ಮಾತನಾಡಿ, ಬ್ಯಾಡ್ಮಿಂಟನ್ ಕ್ರೀಡೆ ಜನಪ್ರಿಯವಾಗುತ್ತಿದೆ. ಯುವಕರು ಹೆಚ್ಚು ಸಂಖ್ಯೆಯಲ್ಲಿ ಭಾಗವಹಿಸುತ್ತಿದ್ದಾರೆ ಎಂದರು. ಈ ಸಂದರ್ಭದಲ್ಲಿ ಪ್ರಧಾನ ಕಾರ್ಯದರ್ಶಿ ಡಿ.ಮಹೇಶ್, ಖಜಾಂಚಿ ಮಹದೇವಪ್ಪ, ಸದಸ್ಯರಾದ ನಾಗರಾಜು, ರಾಜೇಶ್, ಮಂಜುನಾಥ್, ಸುರೇಶ್ ಹಾಗೂ ಕ್ರೀಡಾಪಟುಗಳು ಉಪಸ್ಥಿತರಿದ್ದರು.
